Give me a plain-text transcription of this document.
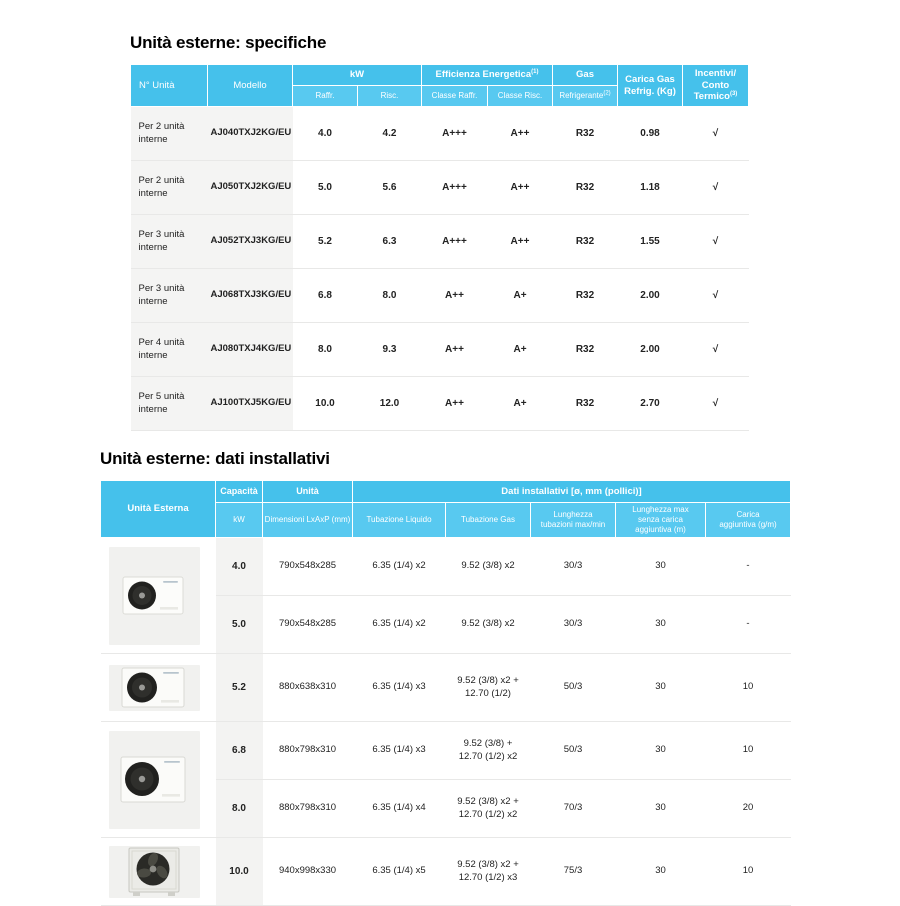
Unità esterne: specifiche
N° Unità	Modello	kW		Efficienza Energetica$^{(1)}$		Gas	Carica Gas
Refrig. (Kg)	Incentivi/
Conto Termico$^{(3)}$

		Raffr.	Risc.	Classe Raffr.	Classe Risc.	Refrigerante$^{(2)}$
Per 2 unità interne	AJ040TXJ2KG/EU	4.0	4.2	A+++	A++	R32	0.98	√
Per 2 unità interne	AJ050TXJ2KG/EU	5.0	5.6	A+++	A++	R32	1.18	√
Per 3 unità interne	AJ052TXJ3KG/EU	5.2	6.3	A+++	A++	R32	1.55	√
Per 3 unità interne	AJ068TXJ3KG/EU	6.8	8.0	A++	A+	R32	2.00	√
Per 4 unità interne	AJ080TXJ4KG/EU	8.0	9.3	A++	A+	R32	2.00	√
Per 5 unità interne	AJ100TXJ5KG/EU	10.0	12.0	A++	A+	R32	2.70	√
Unità esterne: dati installativi
Unità Esterna	Capacità	Unità	Dati installativi [ø, mm (pollici)]				
	kW	Dimensioni LxAxP (mm)	Tubazione Liquido	Tubazione Gas	Lunghezza tubazioni max/min	Lunghezza max senza carica aggiuntiva (m)	Carica aggiuntiva (g/m)

	4.0	790x548x285	6.35 (1/4) x2	9.52 (3/8) x2	30/3	30	-
	5.0	790x548x285	6.35 (1/4) x2	9.52 (3/8) x2	30/3	30	-

	5.2	880x638x310	6.35 (1/4) x3	9.52 (3/8) x2 + 12.70 (1/2)	50/3	30	10

	6.8	880x798x310	6.35 (1/4) x3	9.52 (3/8) + 12.70 (1/2) x2	50/3	30	10
	8.0	880x798x310	6.35 (1/4) x4	9.52 (3/8) x2 + 12.70 (1/2) x2	70/3	30	20

	10.0	940x998x330	6.35 (1/4) x5	9.52 (3/8) x2 + 12.70 (1/2) x3	75/3	30	10
